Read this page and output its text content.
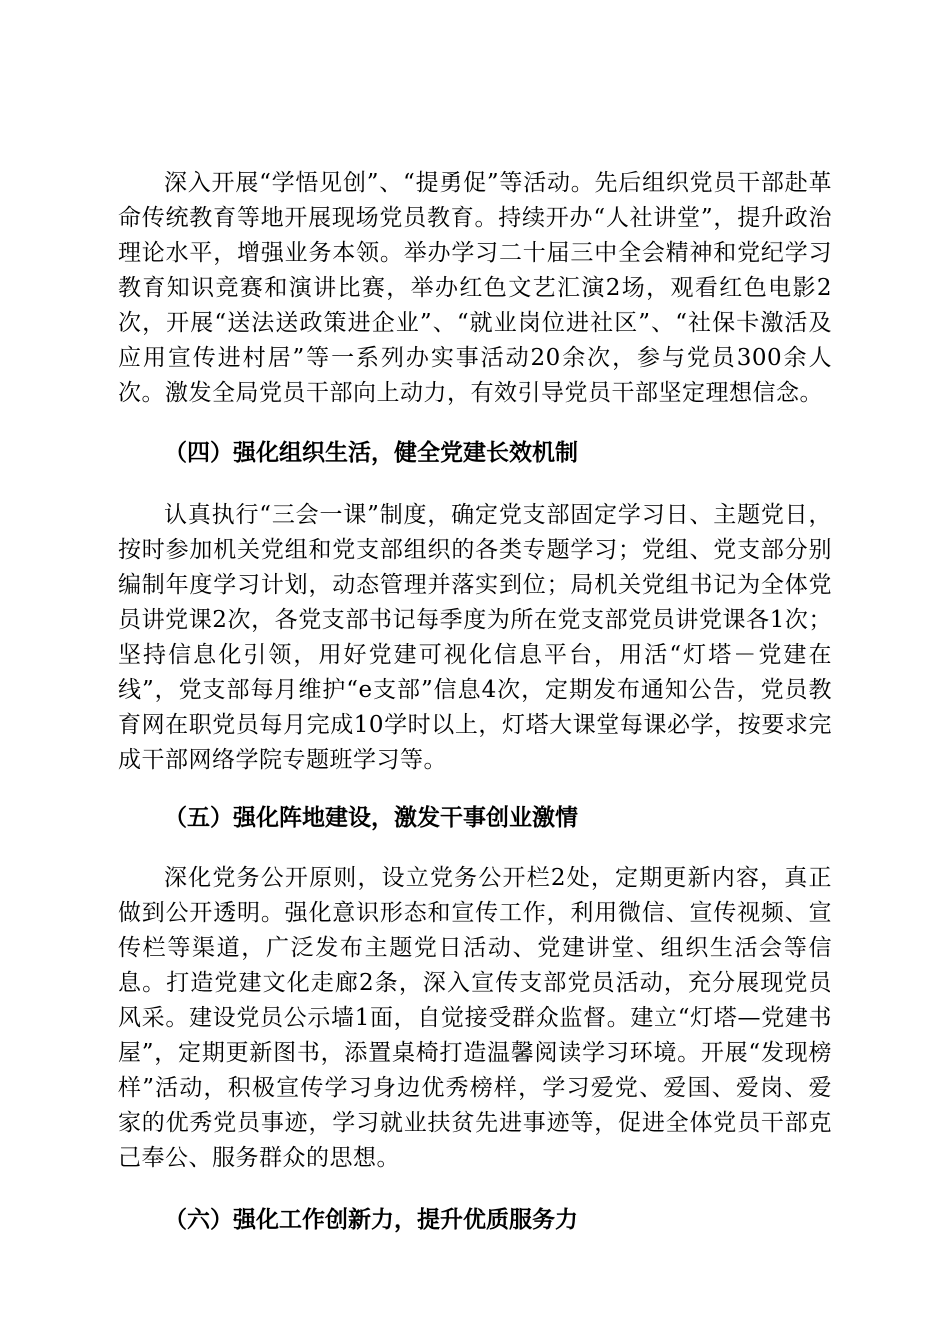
深入开展“学悟见创”、“提勇促”等活动。先后组织党员干部赴革命传统教育等地开展现场党员教育。持续开办“人社讲堂”，提升政治理论水平，增强业务本领。举办学习二十届三中全会精神和党纪学习教育知识竞赛和演讲比赛，举办红色文艺汇演2场，观看红色电影2次，开展“送法送政策进企业”、“就业岗位进社区”、“社保卡激活及应用宣传进村居”等一系列办实事活动20余次，参与党员300余人次。激发全局党员干部向上动力，有效引导党员干部坚定理想信念。

（四）强化组织生活，健全党建长效机制

认真执行“三会一课”制度，确定党支部固定学习日、主题党日，按时参加机关党组和党支部组织的各类专题学习；党组、党支部分别编制年度学习计划，动态管理并落实到位；局机关党组书记为全体党员讲党课2次，各党支部书记每季度为所在党支部党员讲党课各1次；坚持信息化引领，用好党建可视化信息平台，用活“灯塔－党建在线”，党支部每月维护“e支部”信息4次，定期发布通知公告，党员教育网在职党员每月完成10学时以上，灯塔大课堂每课必学，按要求完成干部网络学院专题班学习等。

（五）强化阵地建设，激发干事创业激情

深化党务公开原则，设立党务公开栏2处，定期更新内容，真正做到公开透明。强化意识形态和宣传工作，利用微信、宣传视频、宣传栏等渠道，广泛发布主题党日活动、党建讲堂、组织生活会等信息。打造党建文化走廊2条，深入宣传支部党员活动，充分展现党员风采。建设党员公示墙1面，自觉接受群众监督。建立“灯塔—党建书屋”，定期更新图书，添置桌椅打造温馨阅读学习环境。开展“发现榜样”活动，积极宣传学习身边优秀榜样，学习爱党、爱国、爱岗、爱家的优秀党员事迹，学习就业扶贫先进事迹等，促进全体党员干部克己奉公、服务群众的思想。

（六）强化工作创新力，提升优质服务力
